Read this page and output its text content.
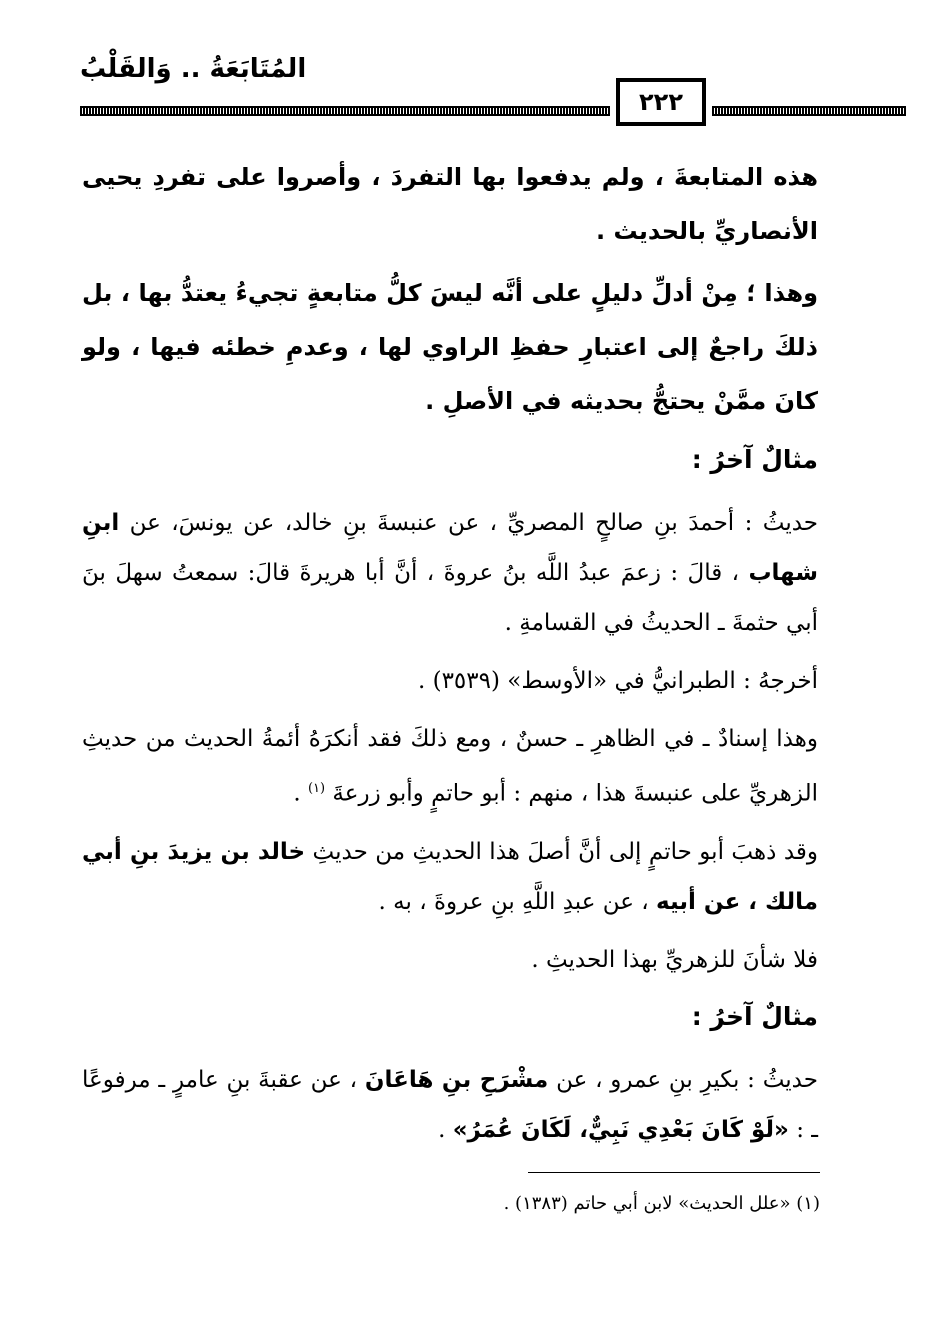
المُتَابَعَةُ .. وَالقَلْبُ
٢٢٢

هذه المتابعةَ ، ولم يدفعوا بها التفردَ ، وأصروا على تفردِ يحيى الأنصاريِّ بالحديث .

وهذا ؛ مِنْ أدلِّ دليلٍ على أنَّه ليسَ كلُّ متابعةٍ تجيءُ يعتدُّ بها ، بل ذلكَ راجعٌ إلى اعتبارِ حفظِ الراوي لها ، وعدمِ خطئه فيها ، ولو كانَ ممَّنْ يحتجُّ بحديثه في الأصلِ .

مثالٌ آخرُ :

حديثُ : أحمدَ بنِ صالحٍ المصريِّ ، عن عنبسةَ بنِ خالد، عن يونسَ، عن ابنِ شهاب ، قالَ : زعمَ عبدُ اللَّه بنُ عروةَ ، أنَّ أبا هريرةَ قالَ: سمعتُ سهلَ بنَ أبي حثمةَ ـ الحديثُ في القسامةِ .

أخرجهُ : الطبرانيُّ في «الأوسط» (٣٥٣٩) .

وهذا إسنادٌ ـ في الظاهرِ ـ حسنٌ ، ومع ذلكَ فقد أنكرَهُ أئمةُ الحديث من حديثِ الزهريِّ على عنبسةَ هذا ، منهم : أبو حاتمٍ وأبو زرعةَ $^{(١)}$ .

وقد ذهبَ أبو حاتمٍ إلى أنَّ أصلَ هذا الحديثِ من حديثِ خالد بن يزيدَ بنِ أبي مالك ، عن أبيه ، عن عبدِ اللَّهِ بنِ عروةَ ، به .

فلا شأنَ للزهريِّ بهذا الحديثِ .

مثالٌ آخرُ :

حديثُ : بكيرِ بنِ عمرو ، عن مشْرَحِ بنِ هَاعَانَ ، عن عقبةَ بنِ عامرٍ ـ مرفوعًا ـ : «لَوْ كَانَ بَعْدِي نَبِيٌّ، لَكَانَ عُمَرُ» .

(١) «علل الحديث» لابن أبي حاتم (١٣٨٣) .
